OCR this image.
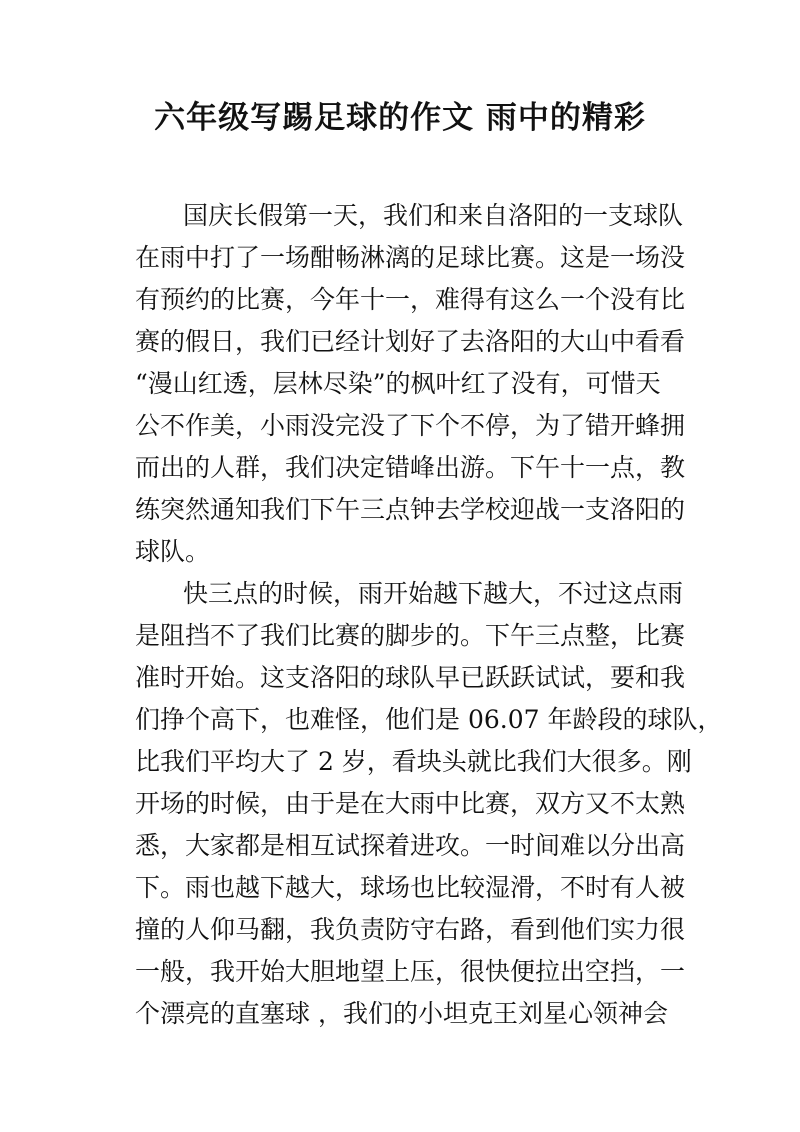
六年级写踢足球的作文 雨中的精彩
国庆长假第一天，我们和来自洛阳的一支球队
在雨中打了一场酣畅淋漓的足球比赛。这是一场没
有预约的比赛，今年十一，难得有这么一个没有比
赛的假日，我们已经计划好了去洛阳的大山中看看
“漫山红透，层林尽染”的枫叶红了没有，可惜天
公不作美，小雨没完没了下个不停，为了错开蜂拥
而出的人群，我们决定错峰出游。下午十一点，教
练突然通知我们下午三点钟去学校迎战一支洛阳的
球队。
快三点的时候，雨开始越下越大，不过这点雨
是阻挡不了我们比赛的脚步的。下午三点整，比赛
准时开始。这支洛阳的球队早已跃跃试试，要和我
们挣个高下，也难怪，他们是 06.07 年龄段的球队，
比我们平均大了 2 岁，看块头就比我们大很多。刚
开场的时候，由于是在大雨中比赛，双方又不太熟
悉，大家都是相互试探着进攻。一时间难以分出高
下。雨也越下越大，球场也比较湿滑，不时有人被
撞的人仰马翻，我负责防守右路，看到他们实力很
一般，我开始大胆地望上压，很快便拉出空挡，一
个漂亮的直塞球 ，我们的小坦克王刘星心领神会
